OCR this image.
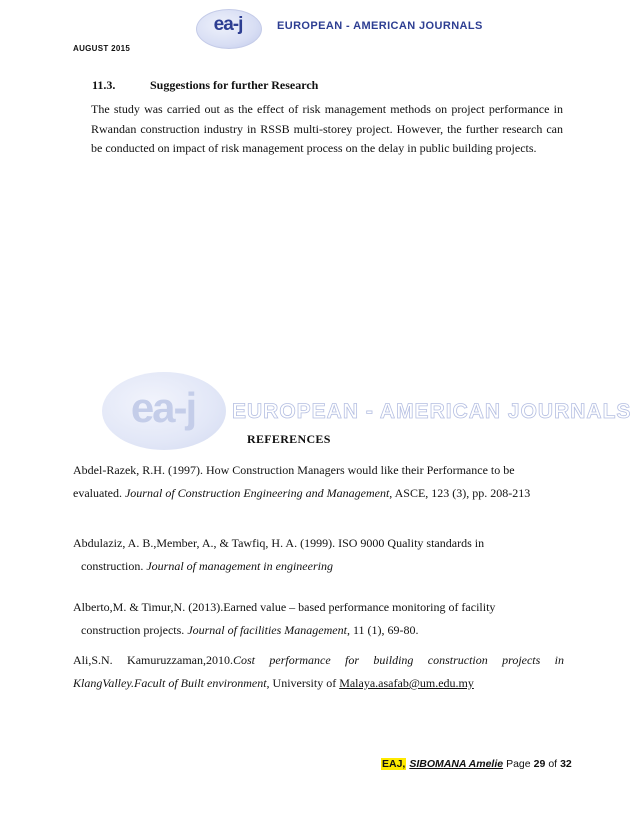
AUGUST 2015
ea-j	EUROPEAN - AMERICAN JOURNALS
11.3.	Suggestions for further Research
The study was carried out as the effect of risk management methods on project performance in Rwandan construction industry in RSSB multi-storey project. However, the further research can be conducted on impact of risk management process on the delay in public building projects.
ea-j	EUROPEAN - AMERICAN JOURNALS
REFERENCES
Abdel-Razek, R.H. (1997). How Construction Managers would like their Performance to be
evaluated. Journal of Construction Engineering and Management, ASCE, 123 (3), pp. 208-213
Abdulaziz, A. B.,Member, A., & Tawfiq, H. A. (1999). ISO 9000 Quality standards in
construction. Journal of management in engineering
Alberto,M. & Timur,N. (2013).Earned value – based performance monitoring of facility
construction projects. Journal of facilities Management, 11 (1), 69-80.
Ali,S.N. Kamuruzzaman,2010.Cost performance for building construction projects in
KlangValley.Facult of Built environment, University of Malaya.asafab@um.edu.my
EAJ, SIBOMANA Amelie Page 29 of 32
